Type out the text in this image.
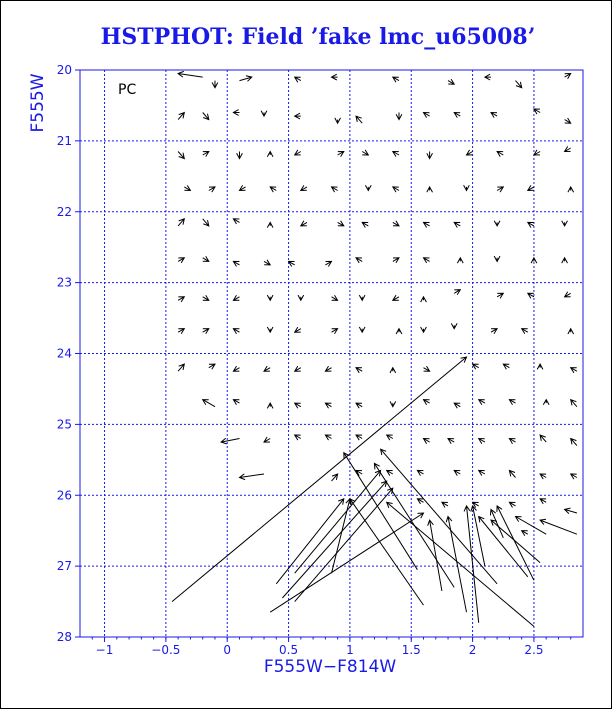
HSTPHOT: Field ’fake lmc_u65008’
PC
−1	−0.5	0	0.5	1	1.5	2	2.5
20
21
22
23
24
25
26
27
28
F555W−F814W
F555W
